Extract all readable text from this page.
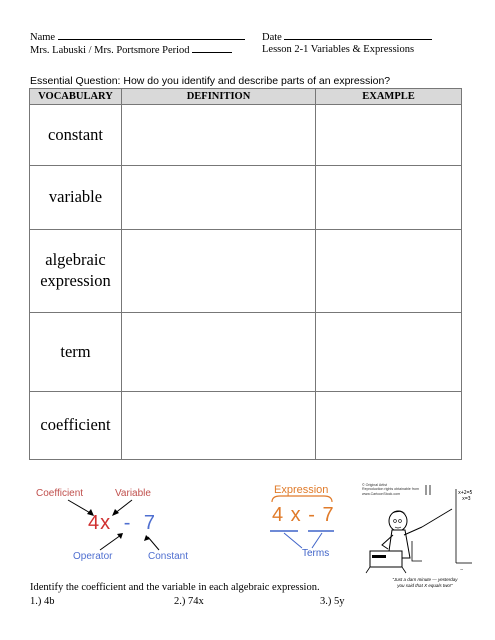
Name	Date
Mrs. Labuski / Mrs. Portsmore Period	Lesson 2-1 Variables & Expressions
Essential Question: How do you identify and describe parts of an expression?
VOCABULARY	DEFINITION	EXAMPLE
constant		
variable		
algebraic expression		
term		
coefficient		
Coefficient	Variable
4x - 7
Operator	Constant
Expression
4 x - 7
Terms
© Original Artist
Reproduction rights obtainable from
www.CartoonStock.com
~
x+2=5
x=3
"Just a darn minute — yesterday
you said that X equals two!"
Identify the coefficient and the variable in each algebraic expression.
1.) 4b	2.) 74x	3.) 5y
